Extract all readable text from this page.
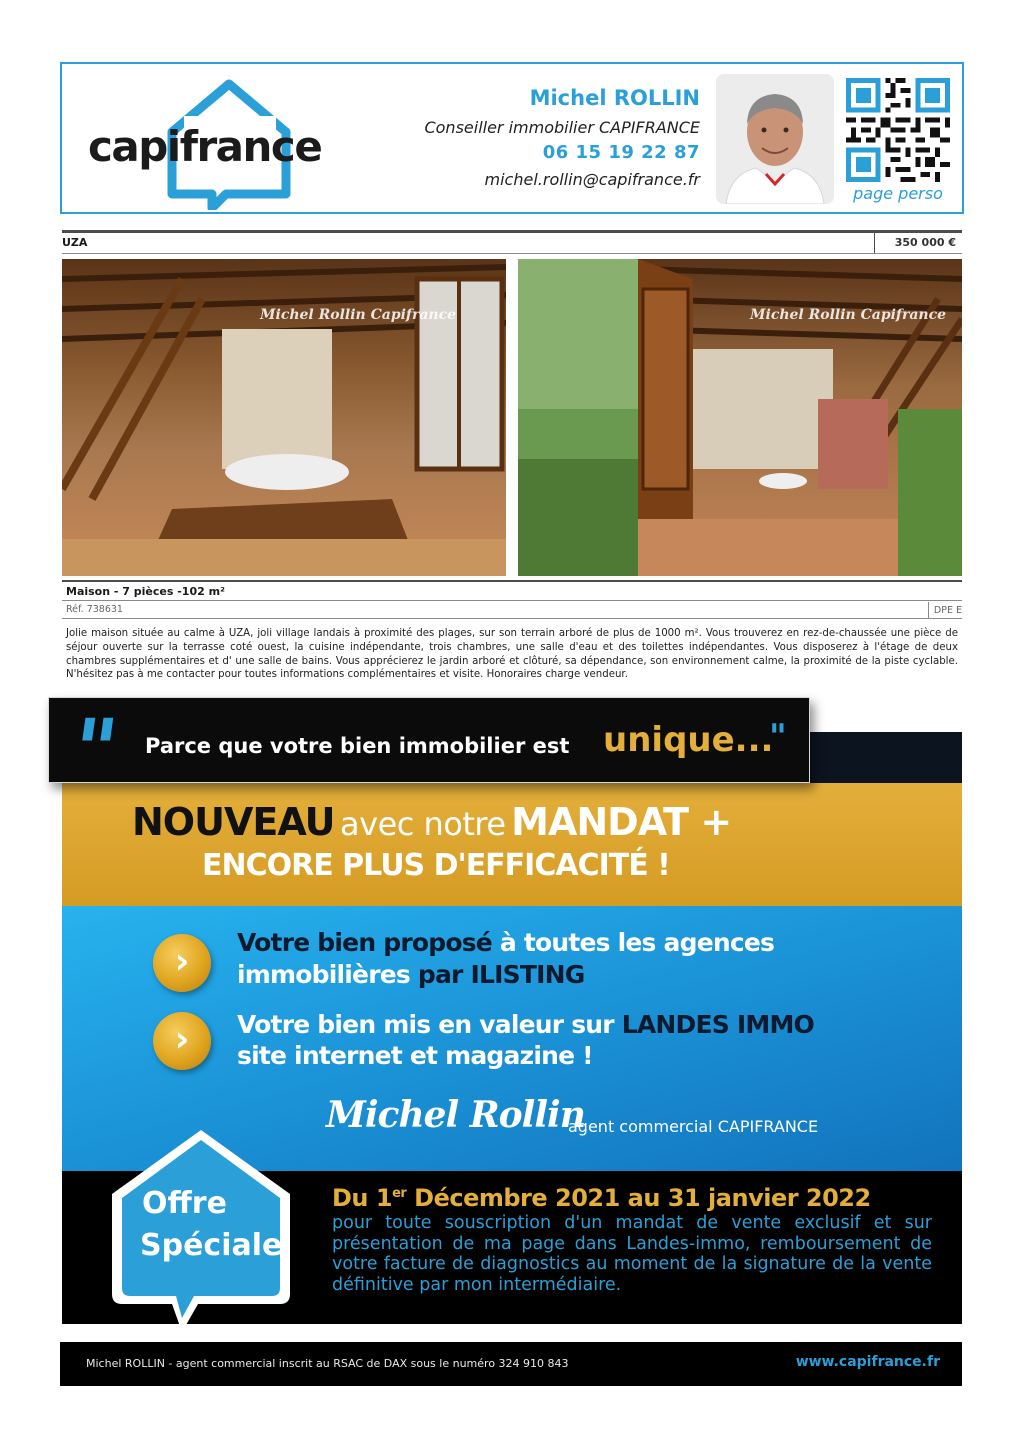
capifrance
Michel ROLLIN
Conseiller immobilier CAPIFRANCE
06 15 19 22 87
michel.rollin@capifrance.fr
page perso
UZA	350 000 €
Michel Rollin Capifrance	Michel Rollin Capifrance
Maison - 7 pièces -102 m²
Réf. 738631	DPE E
Jolie maison située au calme à UZA, joli village landais à proximité des plages, sur son terrain arboré de plus de 1000 m². Vous trouverez en rez-de-chaussée une pièce de séjour ouverte sur la terrasse coté ouest, la cuisine indépendante, trois chambres, une salle d'eau et des toilettes indépendantes. Vous disposerez à l'étage de deux chambres supplémentaires et d' une salle de bains. Vous apprécierez le jardin arboré et clôturé, sa dépendance, son environnement calme, la proximité de la piste cyclable. N'hésitez pas à me contacter pour toutes informations complémentaires et visite. Honoraires charge vendeur.
" Parce que votre bien immobilier est unique...
"
NOUVEAU avec notre MANDAT +
ENCORE PLUS D'EFFICACITÉ !
›
›
Votre bien proposé à toutes les agences
immobilières par ILISTING
Votre bien mis en valeur sur LANDES IMMO
site internet et magazine !
Michel Rollin
agent commercial CAPIFRANCE
Offre
Spéciale
Du 1er Décembre 2021 au 31 janvier 2022
pour toute souscription d'un mandat de vente exclusif et sur présentation de ma page dans Landes-immo, remboursement de votre facture de diagnostics au moment de la signature de la vente définitive par mon intermédiaire.
Michel ROLLIN - agent commercial inscrit au RSAC de DAX sous le numéro 324 910 843	www.capifrance.fr
